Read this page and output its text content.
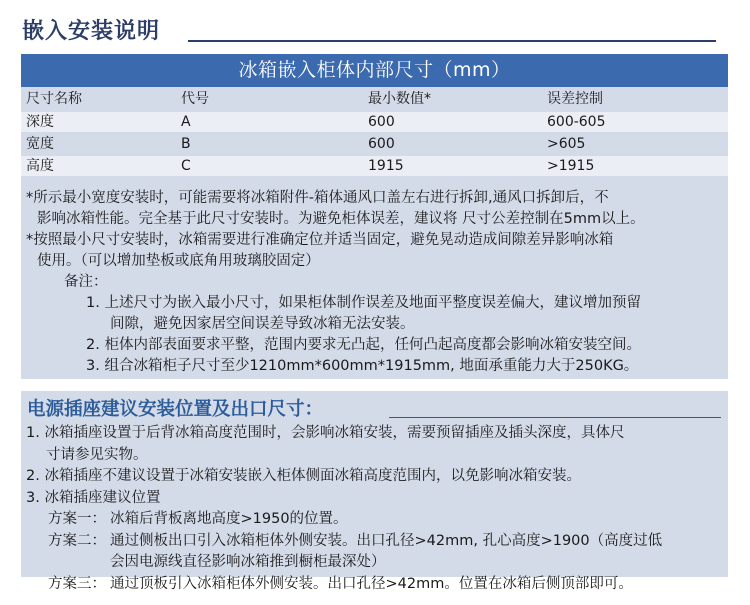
嵌入安装说明
冰箱嵌入柜体内部尺寸（mm）
尺寸名称	代号	最小数值*	误差控制
深度	A	600	600-605
宽度	B	600	>605
高度	C	1915	>1915

*所示最小宽度安装时，可能需要将冰箱附件-箱体通风口盖左右进行拆卸,通风口拆卸后，不

影响冰箱性能。完全基于此尺寸安装时。为避免柜体误差，建议将 尺寸公差控制在5mm以上。

*按照最小尺寸安装时，冰箱需要进行准确定位并适当固定，避免晃动造成间隙差异影响冰箱

使用。（可以增加垫板或底角用玻璃胶固定）

备注：

1. 上述尺寸为嵌入最小尺寸，如果柜体制作误差及地面平整度误差偏大，建议增加预留

间隙，避免因家居空间误差导致冰箱无法安装。

2. 柜体内部表面要求平整，范围内要求无凸起，任何凸起高度都会影响冰箱安装空间。

3. 组合冰箱柜子尺寸至少1210mm*600mm*1915mm, 地面承重能力大于250KG。

电源插座建议安装位置及出口尺寸：

1. 冰箱插座设置于后背冰箱高度范围时，会影响冰箱安装，需要预留插座及插头深度，具体尺

寸请参见实物。

2. 冰箱插座不建议设置于冰箱安装嵌入柜体侧面冰箱高度范围内，以免影响冰箱安装。

3. 冰箱插座建议位置

方案一： 冰箱后背板离地高度>1950的位置。

方案二： 通过侧板出口引入冰箱柜体外侧安装。出口孔径>42mm, 孔心高度>1900（高度过低

会因电源线直径影响冰箱推到橱柜最深处）

方案三： 通过顶板引入冰箱柜体外侧安装。出口孔径>42mm。位置在冰箱后侧顶部即可。
